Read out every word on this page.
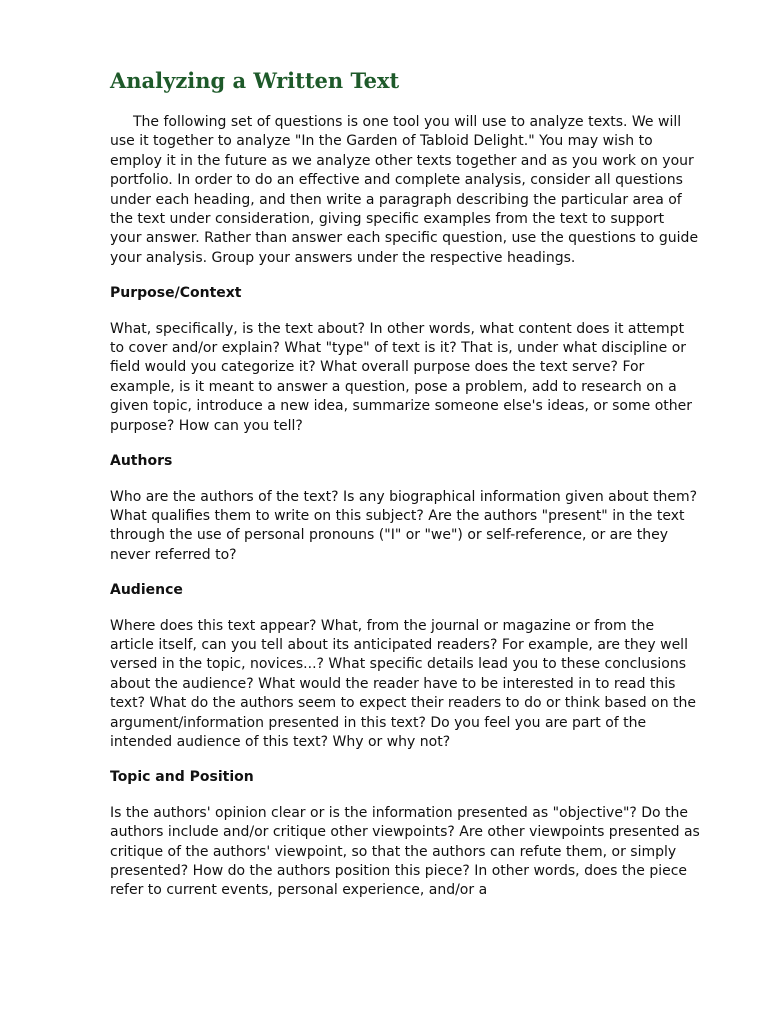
Analyzing a Written Text

The following set of questions is one tool you will use to analyze texts. We will use it together to analyze "In the Garden of Tabloid Delight." You may wish to employ it in the future as we analyze other texts together and as you work on your portfolio. In order to do an effective and complete analysis, consider all questions under each heading, and then write a paragraph describing the particular area of the text under consideration, giving specific examples from the text to support your answer. Rather than answer each specific question, use the questions to guide your analysis. Group your answers under the respective headings.

Purpose/Context

What, specifically, is the text about? In other words, what content does it attempt to cover and/or explain? What "type" of text is it? That is, under what discipline or field would you categorize it? What overall purpose does the text serve? For example, is it meant to answer a question, pose a problem, add to research on a given topic, introduce a new idea, summarize someone else's ideas, or some other purpose? How can you tell?

Authors

Who are the authors of the text? Is any biographical information given about them? What qualifies them to write on this subject? Are the authors "present" in the text through the use of personal pronouns ("I" or "we") or self-reference, or are they never referred to?

Audience

Where does this text appear? What, from the journal or magazine or from the article itself, can you tell about its anticipated readers? For example, are they well versed in the topic, novices...? What specific details lead you to these conclusions about the audience? What would the reader have to be interested in to read this text? What do the authors seem to expect their readers to do or think based on the argument/information presented in this text? Do you feel you are part of the intended audience of this text? Why or why not?

Topic and Position

Is the authors' opinion clear or is the information presented as "objective"? Do the authors include and/or critique other viewpoints? Are other viewpoints presented as critique of the authors' viewpoint, so that the authors can refute them, or simply presented? How do the authors position this piece? In other words, does the piece refer to current events, personal experience, and/or a
